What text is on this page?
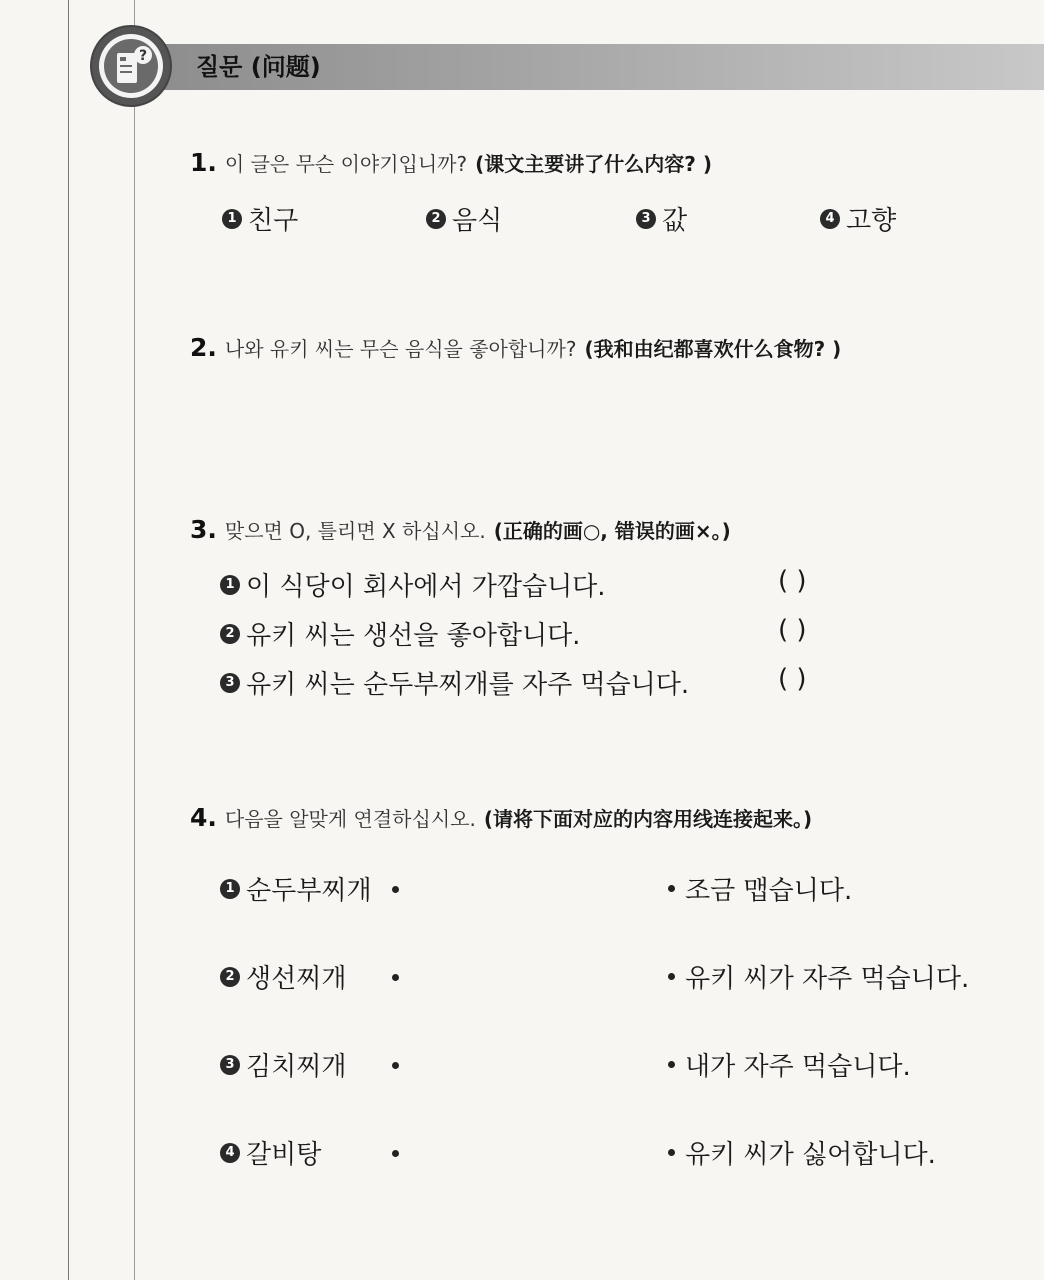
? 질문 (问题)
1. 이 글은 무슨 이야기입니까? (课文主要讲了什么内容? )
1 친구	2 음식	3 값	4 고향
2. 나와 유키 씨는 무슨 음식을 좋아합니까? (我和由纪都喜欢什么食物? )
3. 맞으면 O, 틀리면 X 하십시오. (正确的画○, 错误的画×。)
1 이 식당이 회사에서 가깝습니다.	( )
2 유키 씨는 생선을 좋아합니다.	( )
3 유키 씨는 순두부찌개를 자주 먹습니다.	( )
4. 다음을 알맞게 연결하십시오. (请将下面对应的内容用线连接起来。)
1 순두부찌개	조금 맵습니다.
2 생선찌개	유키 씨가 자주 먹습니다.
3 김치찌개	내가 자주 먹습니다.
4 갈비탕	유키 씨가 싫어합니다.
